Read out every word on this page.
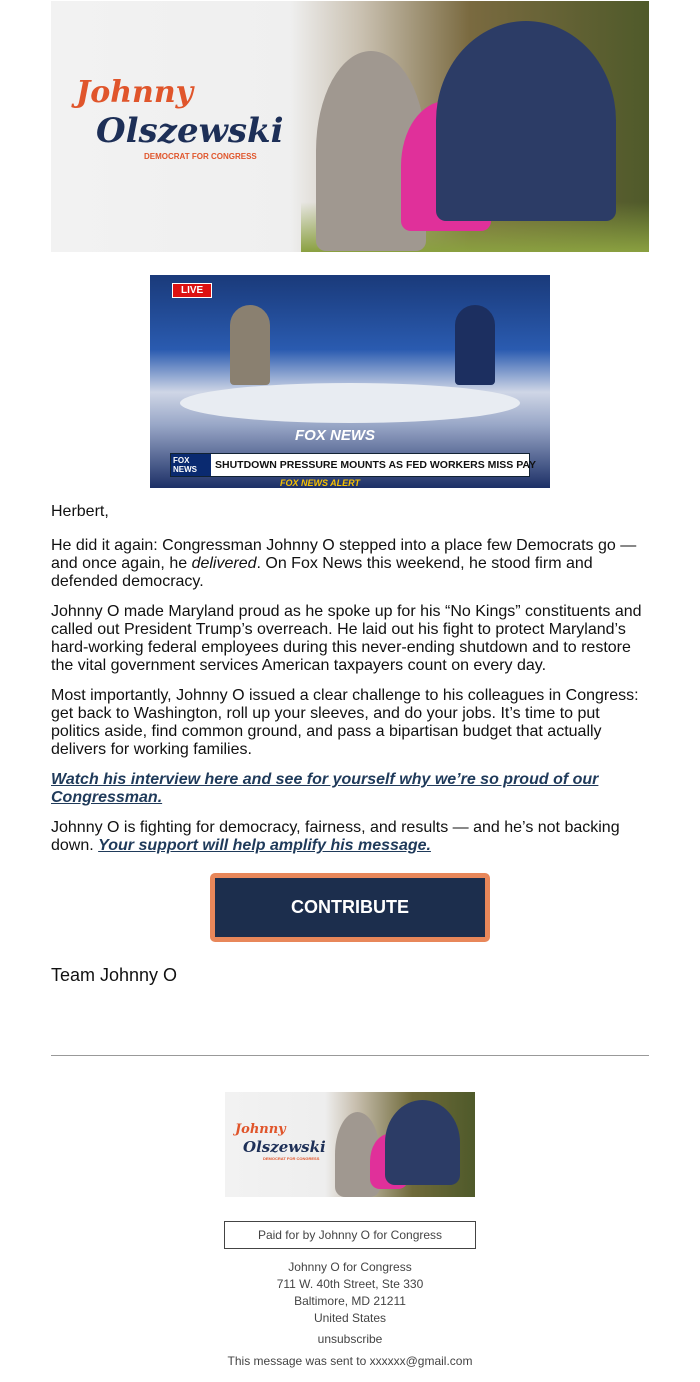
Johnny
Olszewski
DEMOCRAT FOR CONGRESS
LIVE
FOX NEWS
FOX NEWS	SHUTDOWN PRESSURE MOUNTS AS FED WORKERS MISS PAY
FOX NEWS ALERT

Herbert,

He did it again: Congressman Johnny O stepped into a place few Democrats go — and once again, he delivered. On Fox News this weekend, he stood firm and defended democracy.

Johnny O made Maryland proud as he spoke up for his “No Kings” constituents and called out President Trump’s overreach. He laid out his fight to protect Maryland’s hard-working federal employees during this never-ending shutdown and to restore the vital government services American taxpayers count on every day.

Most importantly, Johnny O issued a clear challenge to his colleagues in Congress: get back to Washington, roll up your sleeves, and do your jobs. It’s time to put politics aside, find common ground, and pass a bipartisan budget that actually delivers for working families.

Watch his interview here and see for yourself why we’re so proud of our Congressman.

Johnny O is fighting for democracy, fairness, and results — and he’s not backing down. Your support will help amplify his message.

CONTRIBUTE
Team Johnny O
Johnny
Olszewski
DEMOCRAT FOR CONGRESS
Paid for by Johnny O for Congress
Johnny O for Congress
711 W. 40th Street, Ste 330
Baltimore, MD 21211
United States
unsubscribe
This message was sent to xxxxxx@gmail.com
